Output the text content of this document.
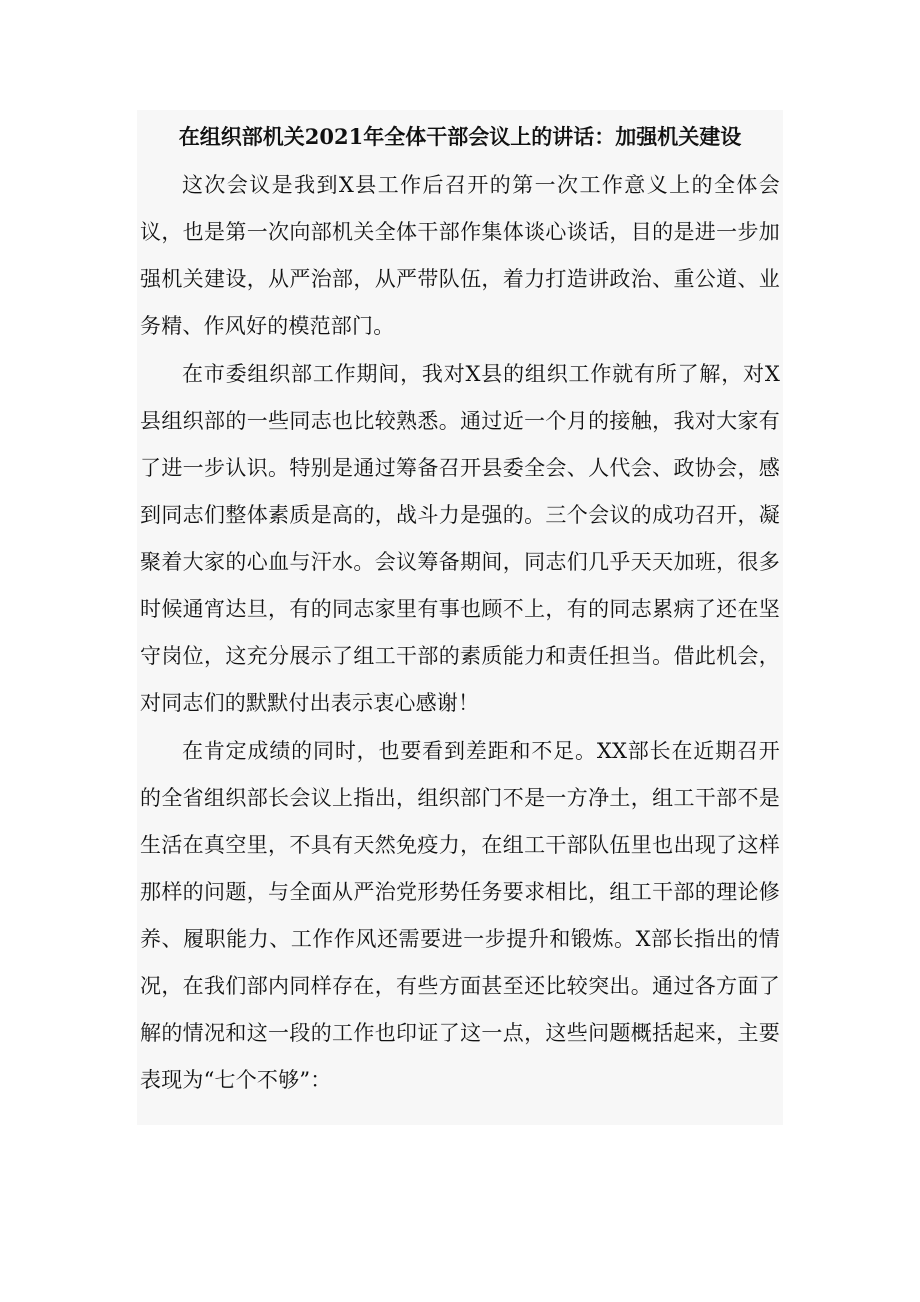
在组织部机关2021年全体干部会议上的讲话：加强机关建设

这次会议是我到X县工作后召开的第一次工作意义上的全体会议，也是第一次向部机关全体干部作集体谈心谈话，目的是进一步加强机关建设，从严治部，从严带队伍，着力打造讲政治、重公道、业务精、作风好的模范部门。

在市委组织部工作期间，我对X县的组织工作就有所了解，对X县组织部的一些同志也比较熟悉。通过近一个月的接触，我对大家有了进一步认识。特别是通过筹备召开县委全会、人代会、政协会，感到同志们整体素质是高的，战斗力是强的。三个会议的成功召开，凝聚着大家的心血与汗水。会议筹备期间，同志们几乎天天加班，很多时候通宵达旦，有的同志家里有事也顾不上，有的同志累病了还在坚守岗位，这充分展示了组工干部的素质能力和责任担当。借此机会，对同志们的默默付出表示衷心感谢！

在肯定成绩的同时，也要看到差距和不足。XX部长在近期召开的全省组织部长会议上指出，组织部门不是一方净土，组工干部不是生活在真空里，不具有天然免疫力，在组工干部队伍里也出现了这样那样的问题，与全面从严治党形势任务要求相比，组工干部的理论修养、履职能力、工作作风还需要进一步提升和锻炼。X部长指出的情况，在我们部内同样存在，有些方面甚至还比较突出。通过各方面了解的情况和这一段的工作也印证了这一点，这些问题概括起来，主要表现为“七个不够”：
